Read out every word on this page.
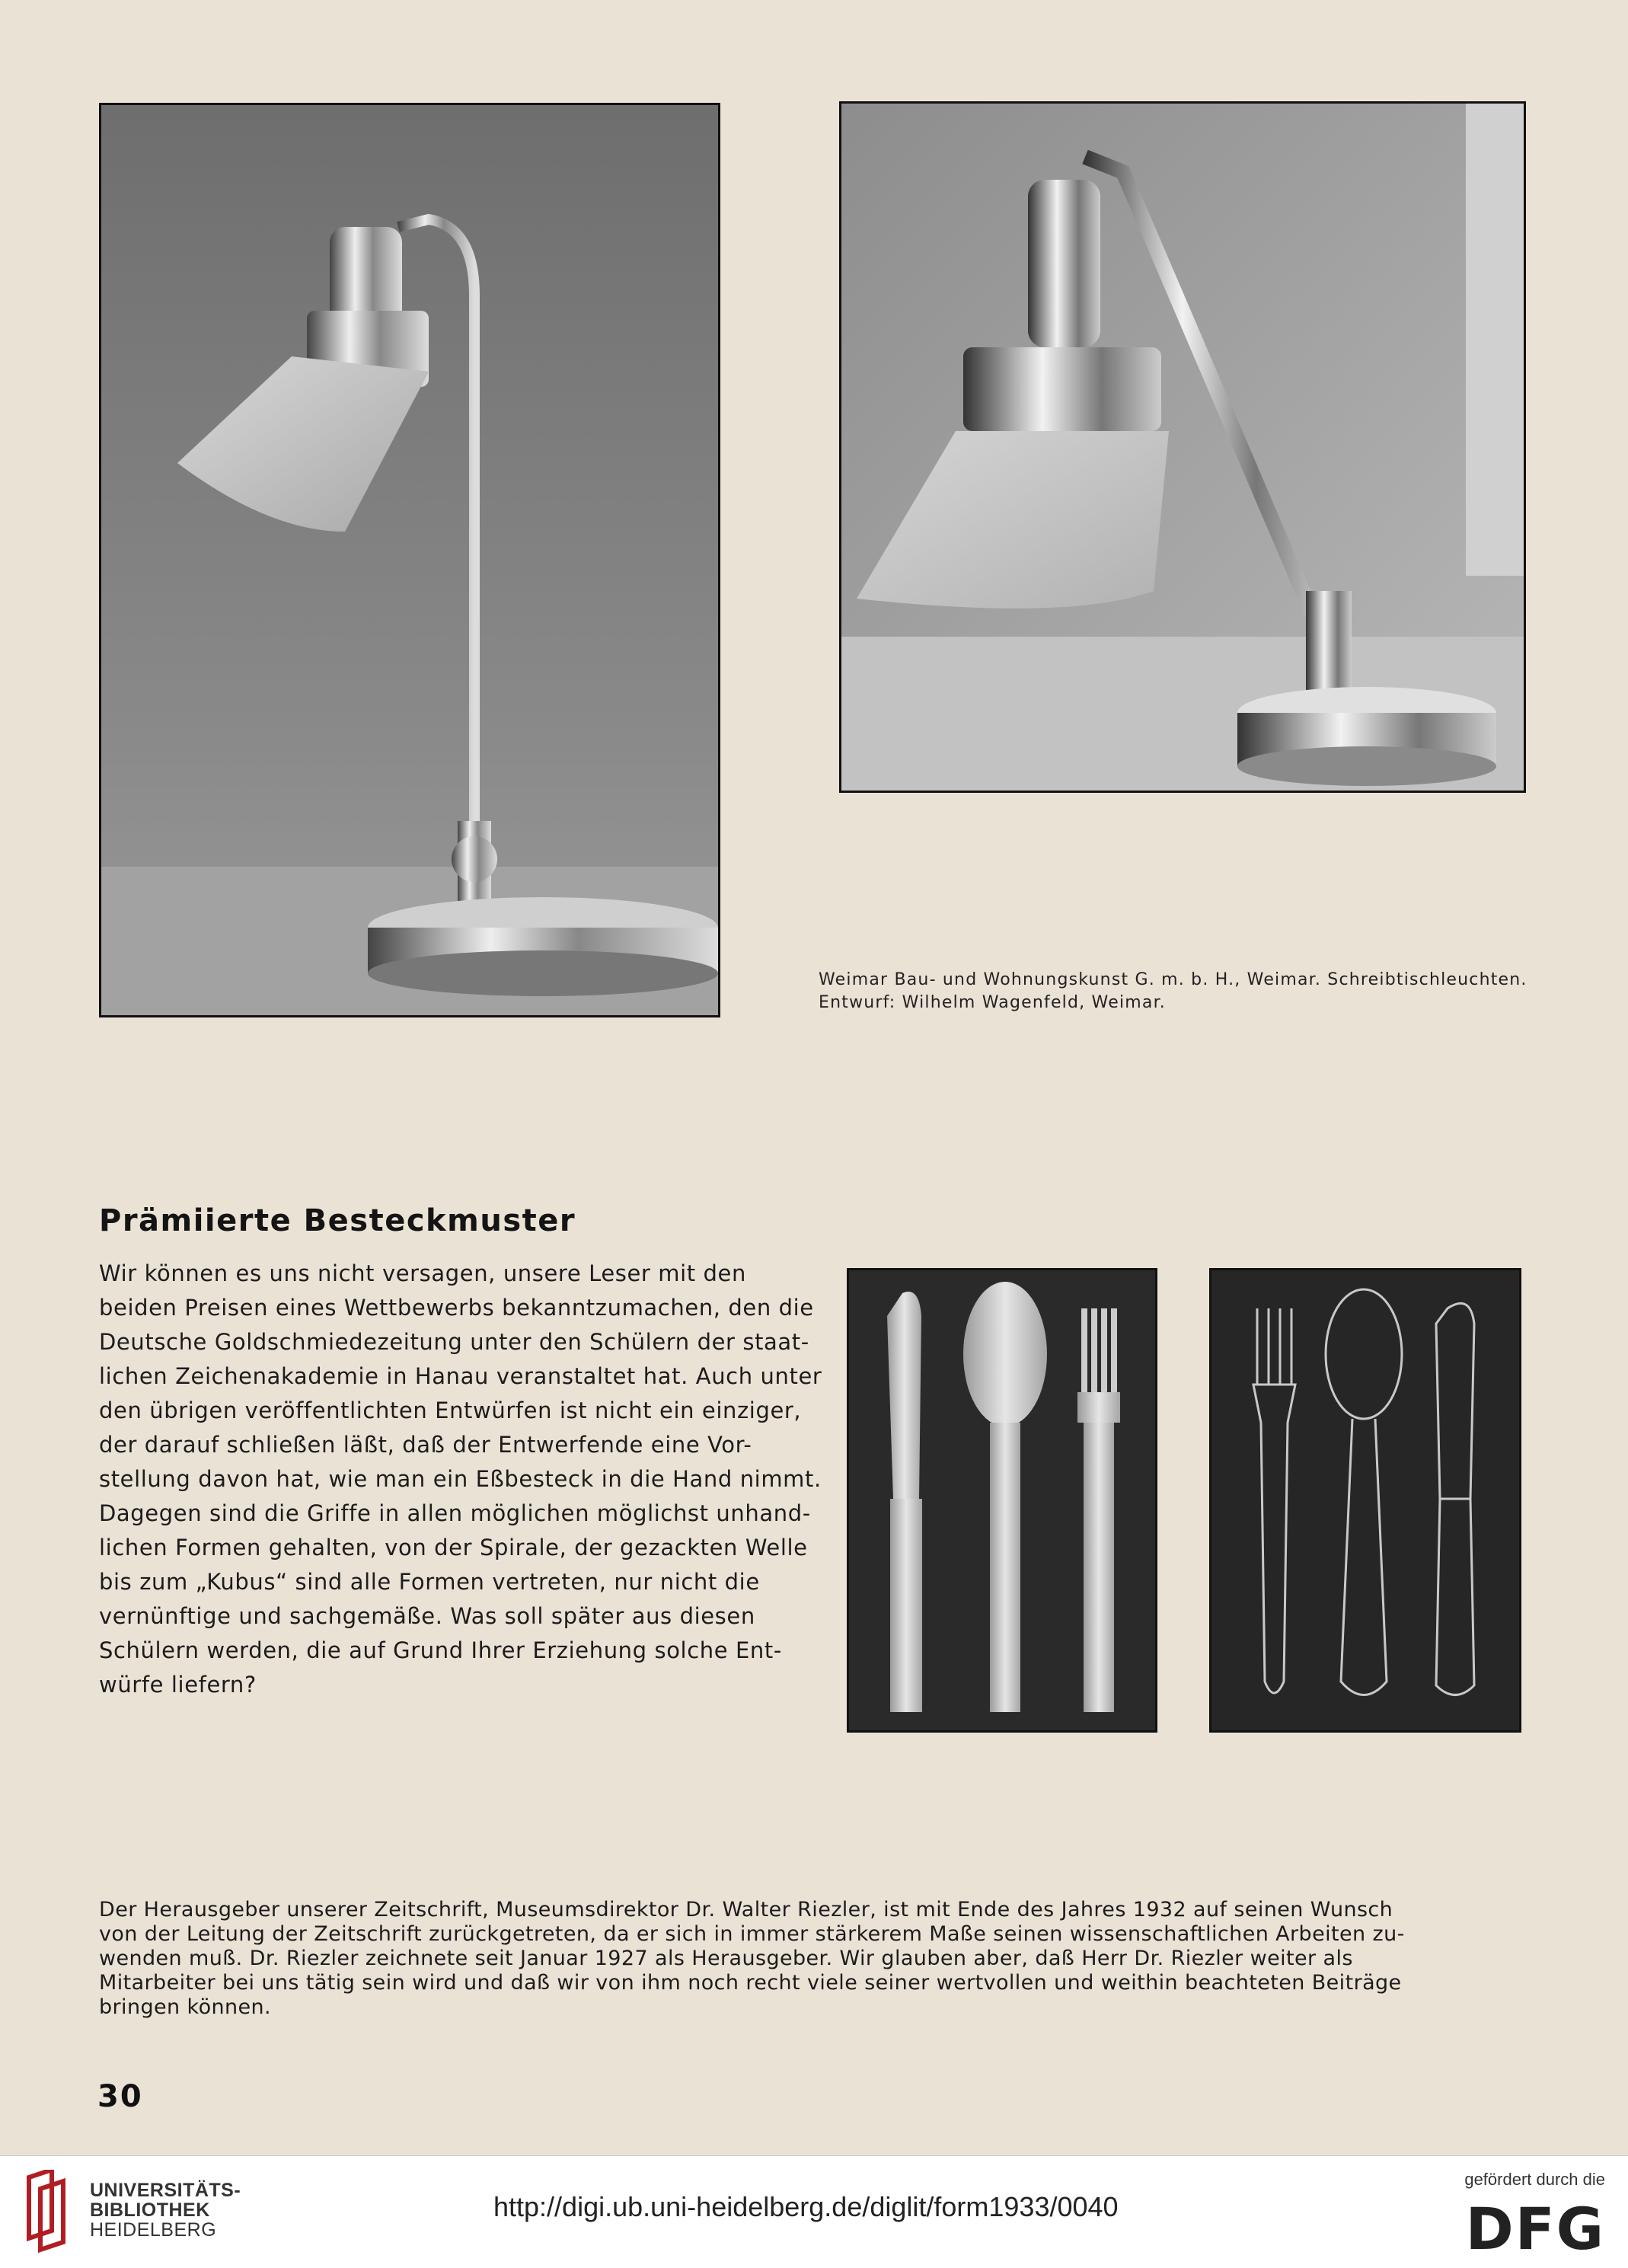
Weimar Bau- und Wohnungskunst G. m. b. H., Weimar. Schreibtischleuchten.
Entwurf: Wilhelm Wagenfeld, Weimar.
Prämiierte Besteckmuster
Wir können es uns nicht versagen, unsere Leser mit den
beiden Preisen eines Wettbewerbs bekanntzumachen, den die
Deutsche Goldschmiedezeitung unter den Schülern der staat-
lichen Zeichenakademie in Hanau veranstaltet hat. Auch unter
den übrigen veröffentlichten Entwürfen ist nicht ein einziger,
der darauf schließen läßt, daß der Entwerfende eine Vor-
stellung davon hat, wie man ein Eßbesteck in die Hand nimmt.
Dagegen sind die Griffe in allen möglichen möglichst unhand-
lichen Formen gehalten, von der Spirale, der gezackten Welle
bis zum „Kubus“ sind alle Formen vertreten, nur nicht die
vernünftige und sachgemäße. Was soll später aus diesen
Schülern werden, die auf Grund Ihrer Erziehung solche Ent-
würfe liefern?
Der Herausgeber unserer Zeitschrift, Museumsdirektor Dr. Walter Riezler, ist mit Ende des Jahres 1932 auf seinen Wunsch
von der Leitung der Zeitschrift zurückgetreten, da er sich in immer stärkerem Maße seinen wissenschaftlichen Arbeiten zu-
wenden muß. Dr. Riezler zeichnete seit Januar 1927 als Herausgeber. Wir glauben aber, daß Herr Dr. Riezler weiter als
Mitarbeiter bei uns tätig sein wird und daß wir von ihm noch recht viele seiner wertvollen und weithin beachteten Beiträge
bringen können.
30
UNIVERSITÄTS-
BIBLIOTHEK
HEIDELBERG
http://digi.ub.uni-heidelberg.de/diglit/form1933/0040
gefördert durch die
DFG
